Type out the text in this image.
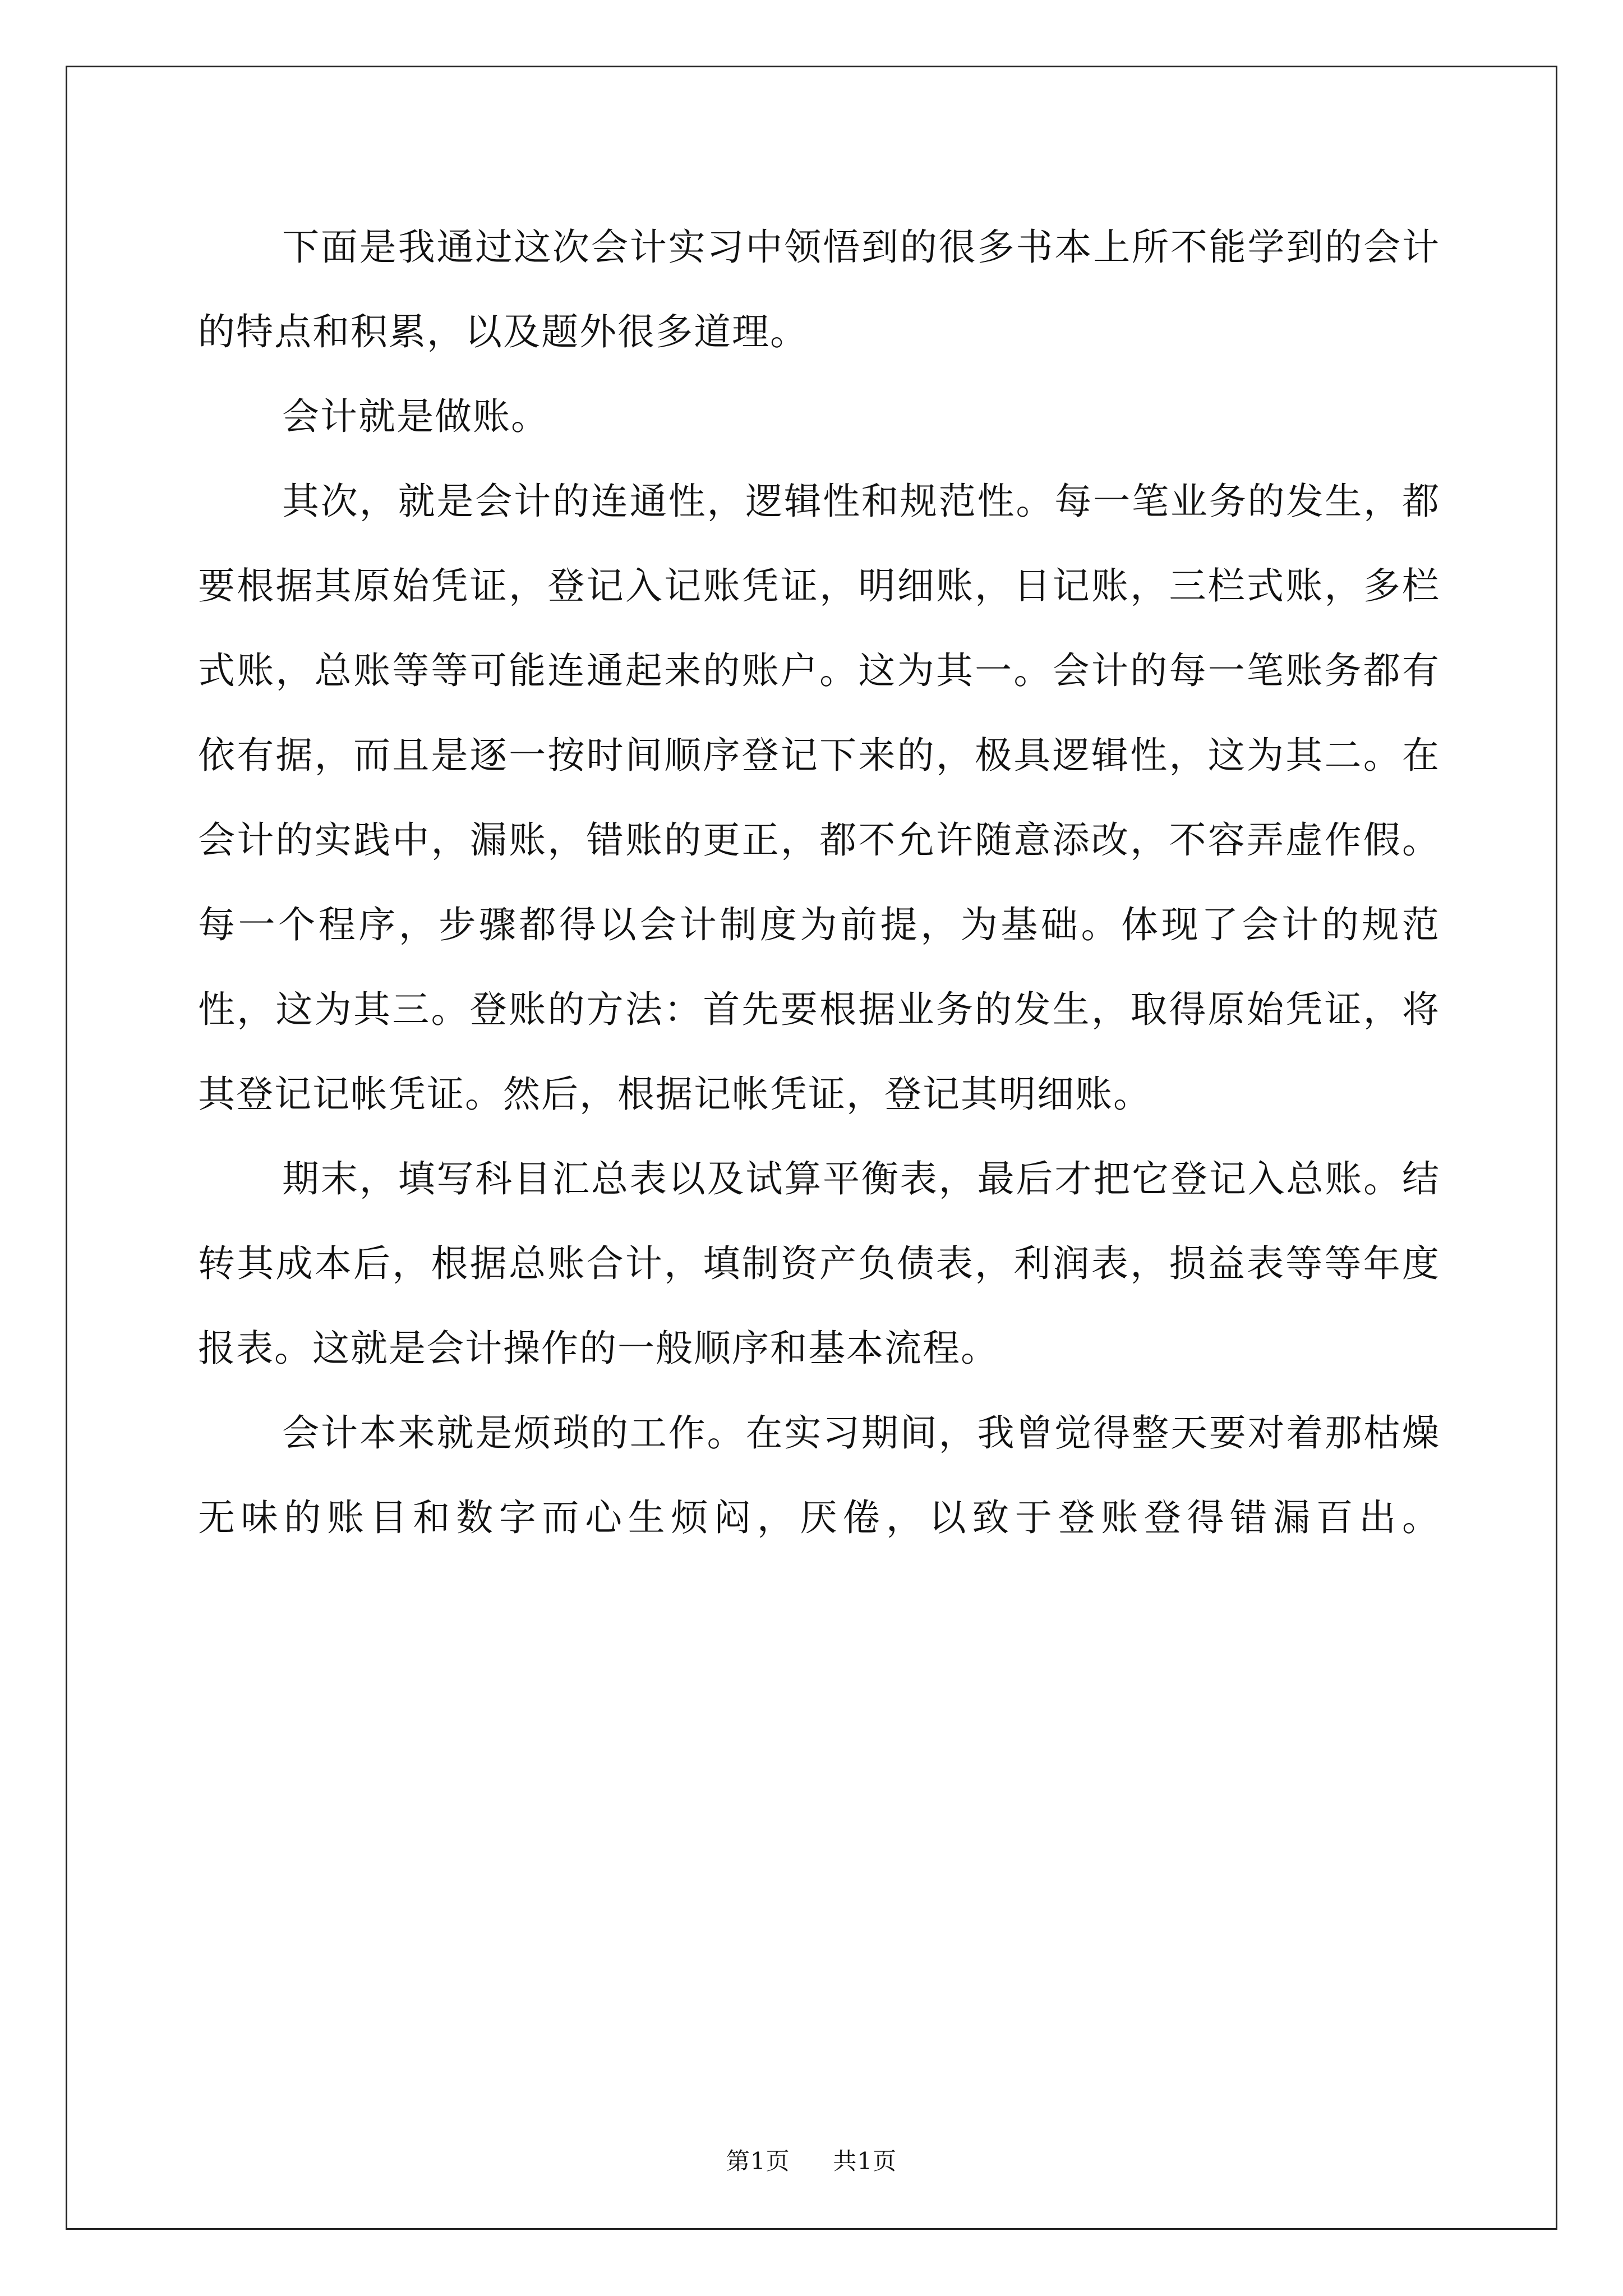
下面是我通过这次会计实习中领悟到的很多书本上所不能学到的会计的特点和积累，以及题外很多道理。

会计就是做账。

其次，就是会计的连通性，逻辑性和规范性。每一笔业务的发生，都要根据其原始凭证，登记入记账凭证，明细账，日记账，三栏式账，多栏式账，总账等等可能连通起来的账户。这为其一。会计的每一笔账务都有依有据，而且是逐一按时间顺序登记下来的，极具逻辑性，这为其二。在会计的实践中，漏账，错账的更正，都不允许随意添改，不容弄虚作假。每一个程序，步骤都得以会计制度为前提，为基础。体现了会计的规范性，这为其三。登账的方法：首先要根据业务的发生，取得原始凭证，将其登记记帐凭证。然后，根据记帐凭证，登记其明细账。

期末，填写科目汇总表以及试算平衡表，最后才把它登记入总账。结转其成本后，根据总账合计，填制资产负债表，利润表，损益表等等年度报表。这就是会计操作的一般顺序和基本流程。

会计本来就是烦琐的工作。在实习期间，我曾觉得整天要对着那枯燥无味的账目和数字而心生烦闷，厌倦，以致于登账登得错漏百出。

第1页 共1页
